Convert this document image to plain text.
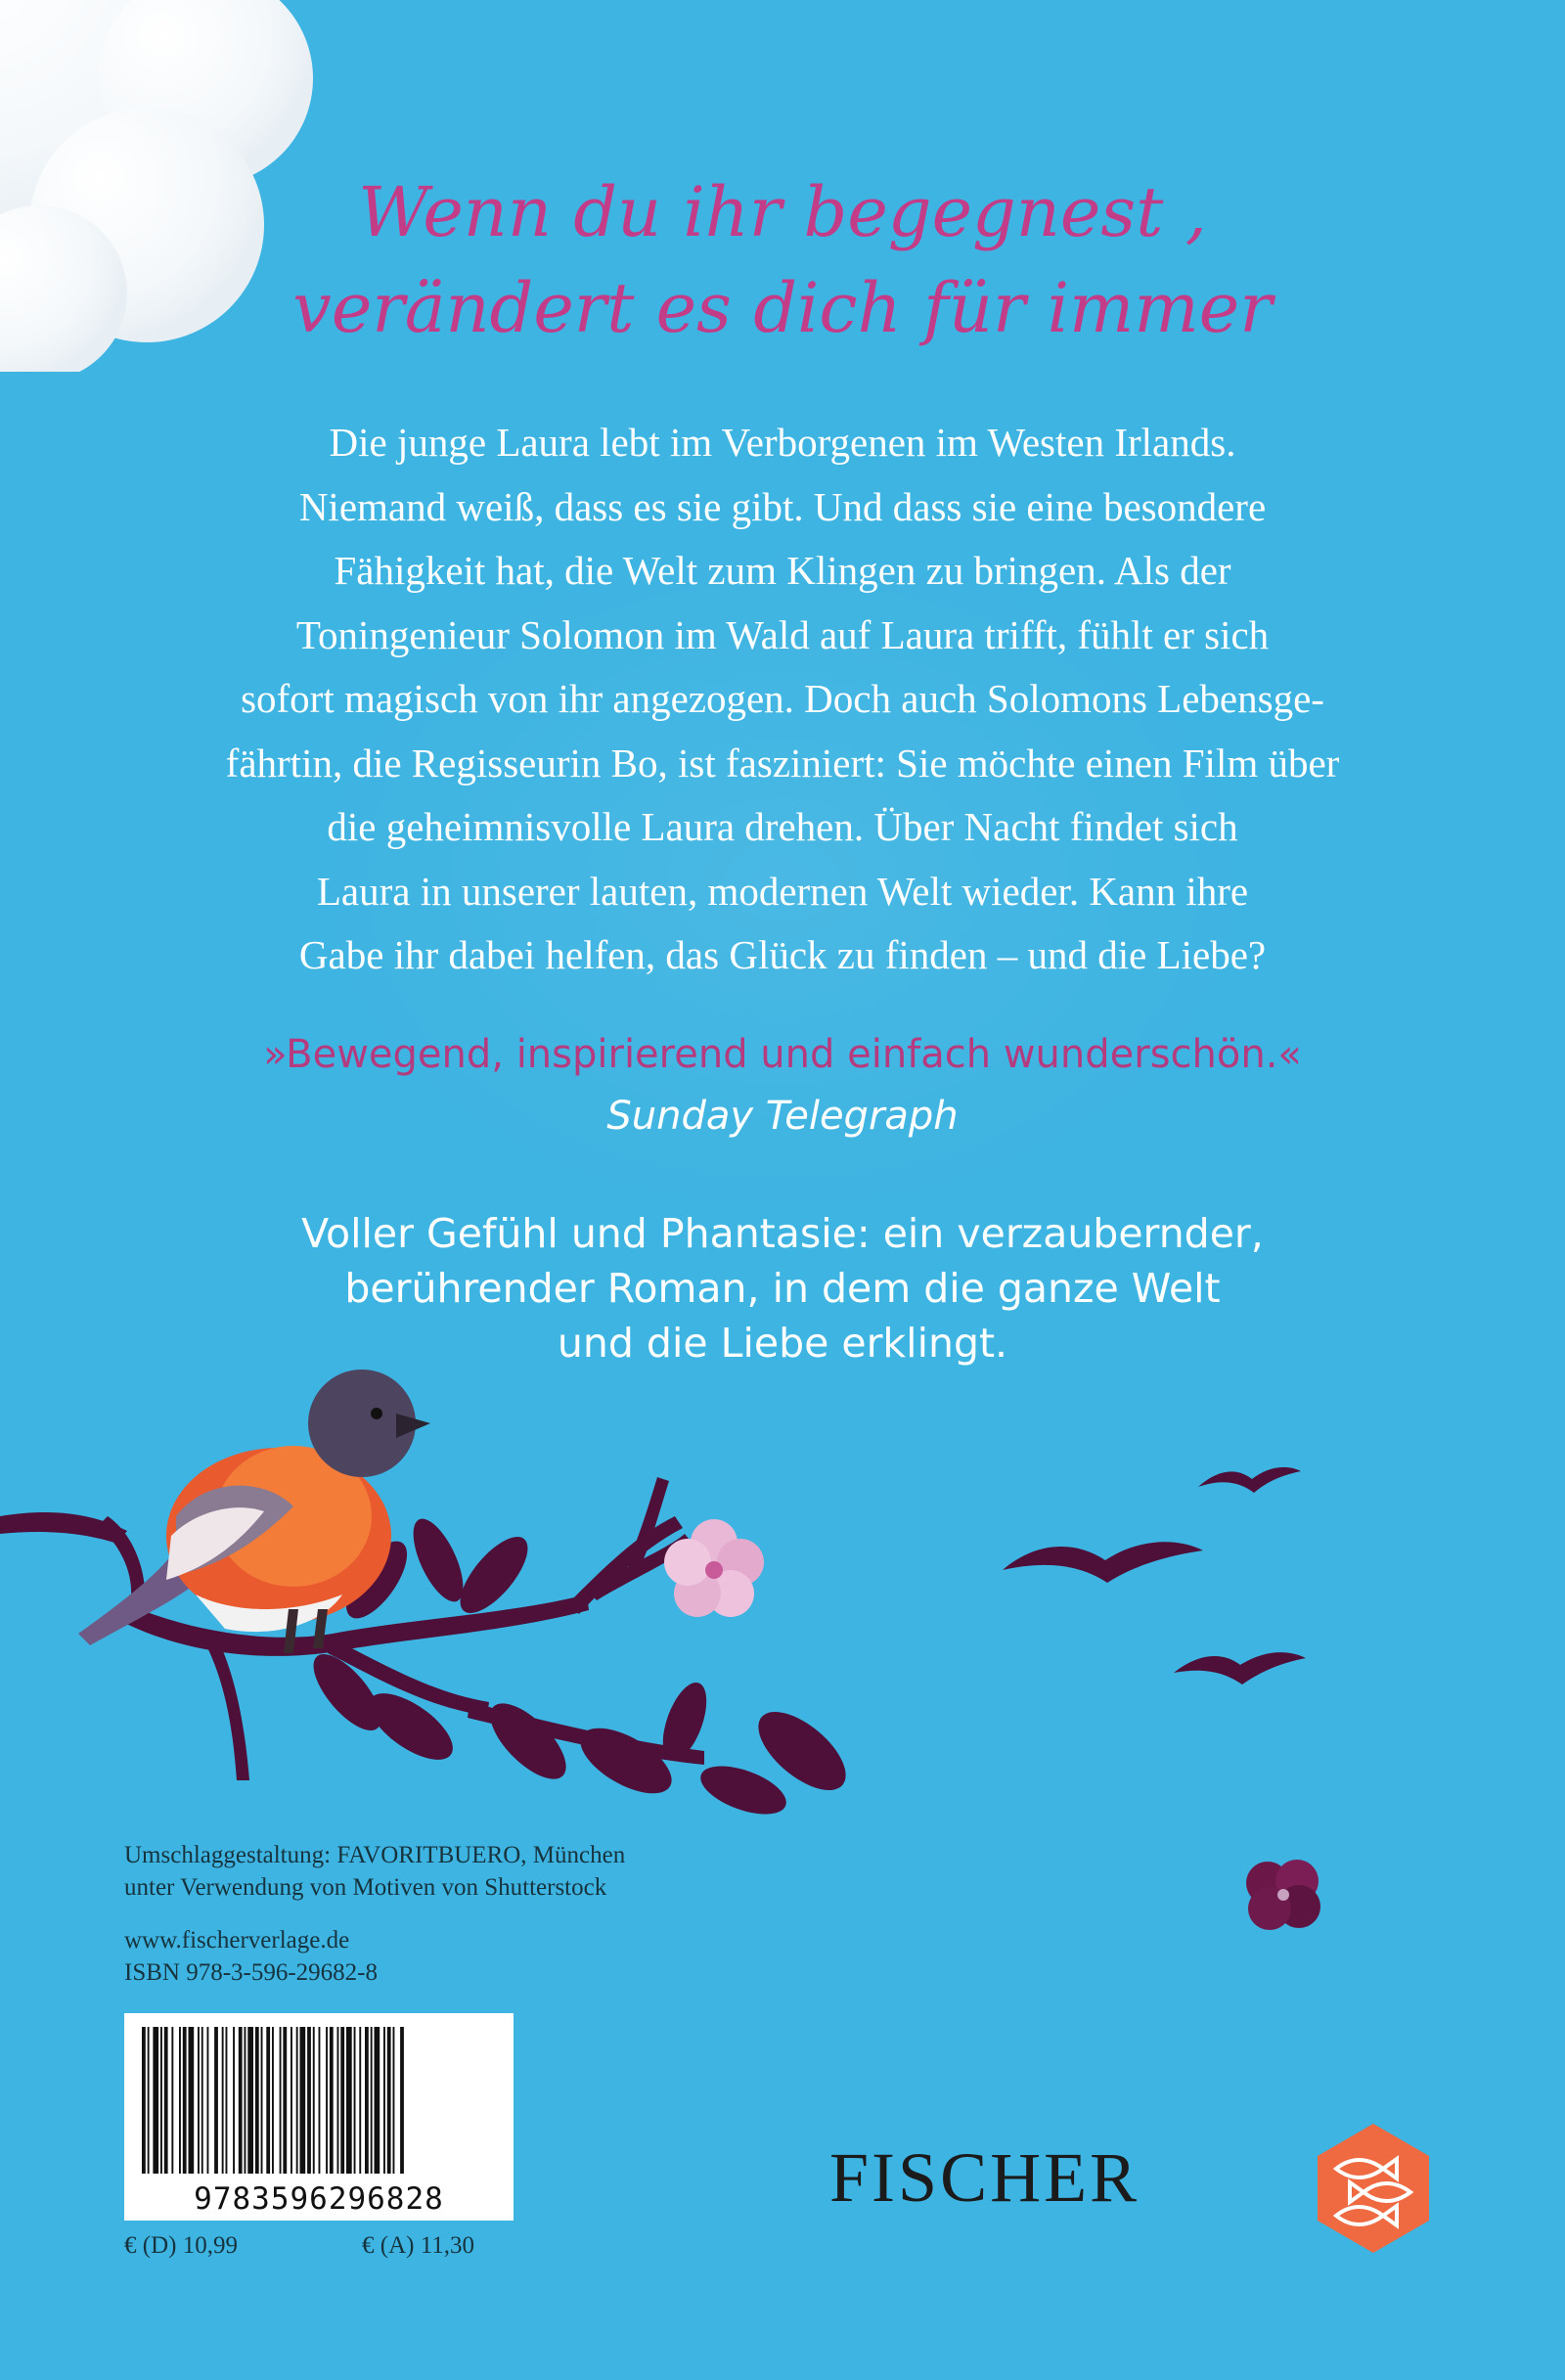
Wenn du ihr begegnest ,
verändert es dich für immer

Die junge Laura lebt im Verborgenen im Westen Irlands.
Niemand weiß, dass es sie gibt. Und dass sie eine besondere
Fähigkeit hat, die Welt zum Klingen zu bringen. Als der
Toningenieur Solomon im Wald auf Laura trifft, fühlt er sich
sofort magisch von ihr angezogen. Doch auch Solomons Lebensge-
fährtin, die Regisseurin Bo, ist fasziniert: Sie möchte einen Film über
die geheimnisvolle Laura drehen. Über Nacht findet sich
Laura in unserer lauten, modernen Welt wieder. Kann ihre
Gabe ihr dabei helfen, das Glück zu finden – und die Liebe?

»Bewegend, inspirierend und einfach wunderschön.«

Sunday Telegraph

Voller Gefühl und Phantasie: ein verzaubernder,
berührender Roman, in dem die ganze Welt
und die Liebe erklingt.

Umschlaggestaltung: FAVORITBUERO, München
unter Verwendung von Motiven von Shutterstock

www.fischerverlage.de
ISBN 978-3-596-29682-8

9783596296828
€ (D) 10,99	€ (A) 11,30
FISCHER
